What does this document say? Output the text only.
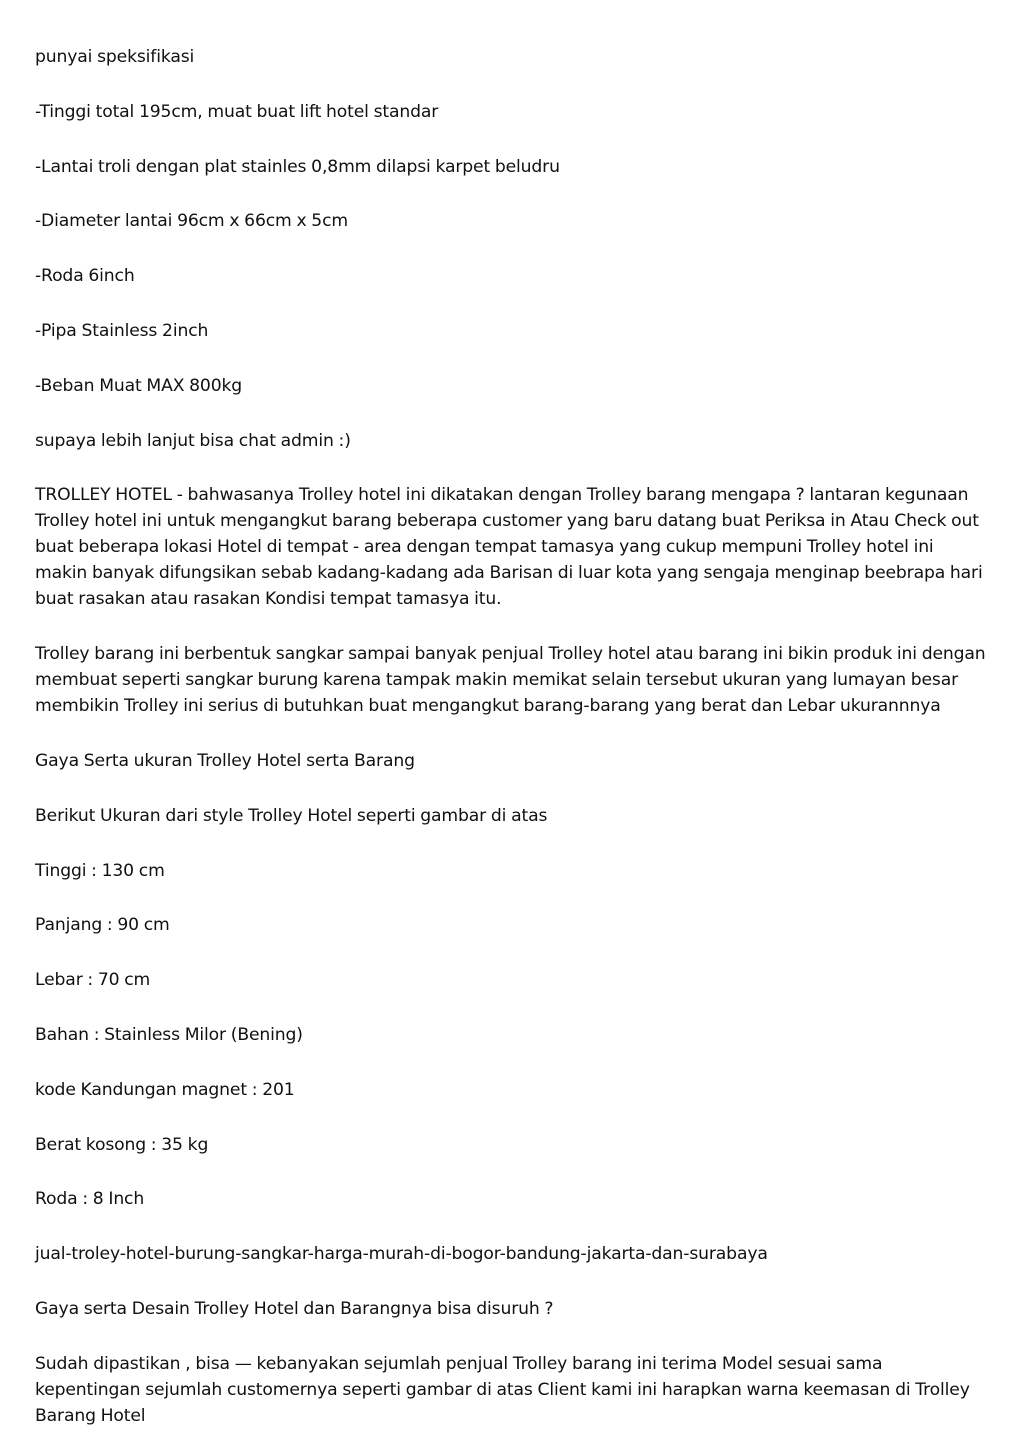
punyai speksifikasi

-Tinggi total 195cm, muat buat lift hotel standar

-Lantai troli dengan plat stainles 0,8mm dilapsi karpet beludru

-Diameter lantai 96cm x 66cm x 5cm

-Roda 6inch

-Pipa Stainless 2inch

-Beban Muat MAX 800kg

supaya lebih lanjut bisa chat admin :)

TROLLEY HOTEL - bahwasanya Trolley hotel ini dikatakan dengan Trolley barang mengapa ? lantaran kegunaan Trolley hotel ini untuk mengangkut barang beberapa customer yang baru datang buat Periksa in Atau Check out buat beberapa lokasi Hotel di tempat - area dengan tempat tamasya yang cukup mempuni Trolley hotel ini makin banyak difungsikan sebab kadang-kadang ada Barisan di luar kota yang sengaja menginap beebrapa hari buat rasakan atau rasakan Kondisi tempat tamasya itu.

Trolley barang ini berbentuk sangkar sampai banyak penjual Trolley hotel atau barang ini bikin produk ini dengan membuat seperti sangkar burung karena tampak makin memikat selain tersebut ukuran yang lumayan besar membikin Trolley ini serius di butuhkan buat mengangkut barang-barang yang berat dan Lebar ukurannnya

Gaya Serta ukuran Trolley Hotel serta Barang

Berikut Ukuran dari style Trolley Hotel seperti gambar di atas

Tinggi : 130 cm

Panjang : 90 cm

Lebar : 70 cm

Bahan : Stainless Milor (Bening)

kode Kandungan magnet : 201

Berat kosong : 35 kg

Roda : 8 Inch

jual-troley-hotel-burung-sangkar-harga-murah-di-bogor-bandung-jakarta-dan-surabaya

Gaya serta Desain Trolley Hotel dan Barangnya bisa disuruh ?

Sudah dipastikan , bisa — kebanyakan sejumlah penjual Trolley barang ini terima Model sesuai sama kepentingan sejumlah customernya seperti gambar di atas Client kami ini harapkan warna keemasan di Trolley Barang Hotel
